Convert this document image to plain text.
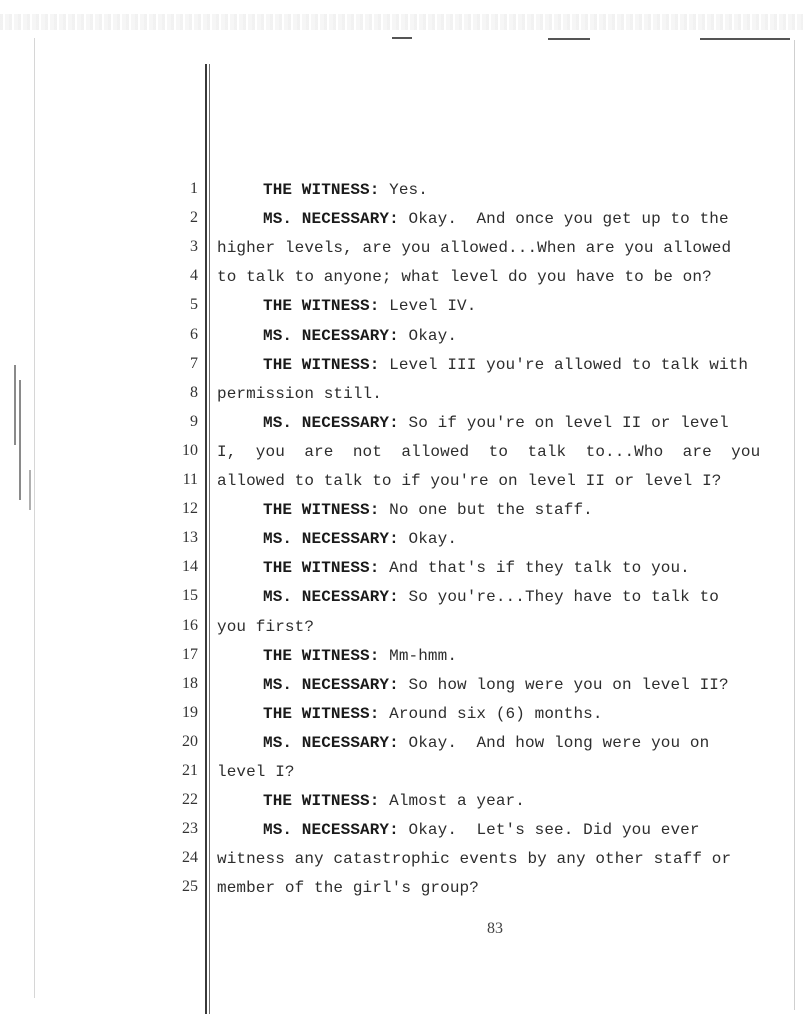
1	THE WITNESS: Yes.
2	MS. NECESSARY: Okay.  And once you get up to the
3 higher levels, are you allowed...When are you allowed
4 to talk to anyone; what level do you have to be on?
5	THE WITNESS: Level IV.
6	MS. NECESSARY: Okay.
7	THE WITNESS: Level III you're allowed to talk with
8 permission still.
9	MS. NECESSARY: So if you're on level II or level
10 I,  you  are  not  allowed  to  talk  to...Who  are  you
11 allowed to talk to if you're on level II or level I?
12	THE WITNESS: No one but the staff.
13	MS. NECESSARY: Okay.
14	THE WITNESS: And that's if they talk to you.
15	MS. NECESSARY: So you're...They have to talk to
16 you first?
17	THE WITNESS: Mm-hmm.
18	MS. NECESSARY: So how long were you on level II?
19	THE WITNESS: Around six (6) months.
20	MS. NECESSARY: Okay.  And how long were you on
21 level I?
22	THE WITNESS: Almost a year.
23	MS. NECESSARY: Okay.  Let's see. Did you ever
24 witness any catastrophic events by any other staff or
25 member of the girl's group?
83
